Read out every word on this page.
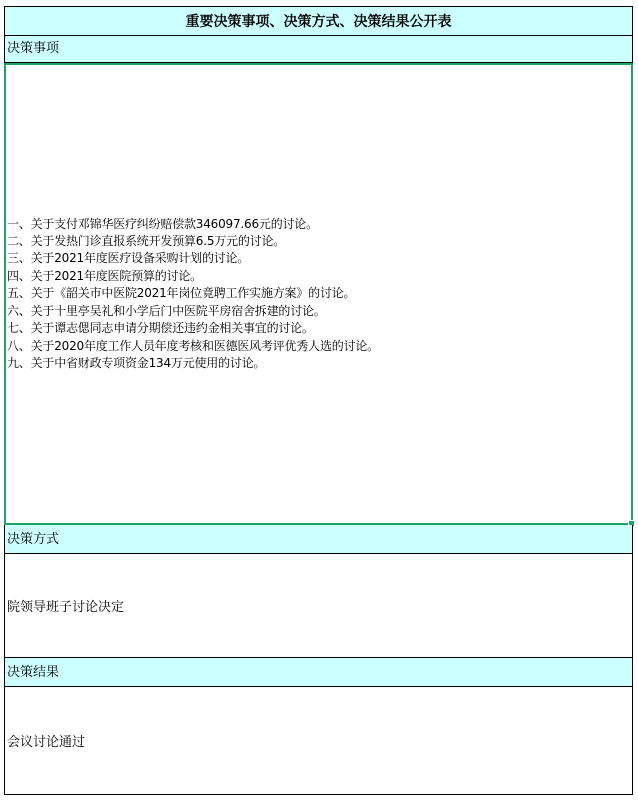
重要决策事项、决策方式、决策结果公开表
决策事项
一、关于支付邓锦华医疗纠纷赔偿款346097.66元的讨论。
二、关于发热门诊直报系统开发预算6.5万元的讨论。
三、关于2021年度医疗设备采购计划的讨论。
四、关于2021年度医院预算的讨论。
五、关于《韶关市中医院2021年岗位竟聘工作实施方案》的讨论。
六、关于十里亭吴礼和小学后门中医院平房宿舍拆建的讨论。
七、关于谭志偲同志申请分期偿还违约金相关事宜的讨论。
八、关于2020年度工作人员年度考核和医德医风考评优秀人选的讨论。
九、关于中省财政专项资金134万元使用的讨论。
决策方式
院领导班子讨论决定
决策结果
会议讨论通过
